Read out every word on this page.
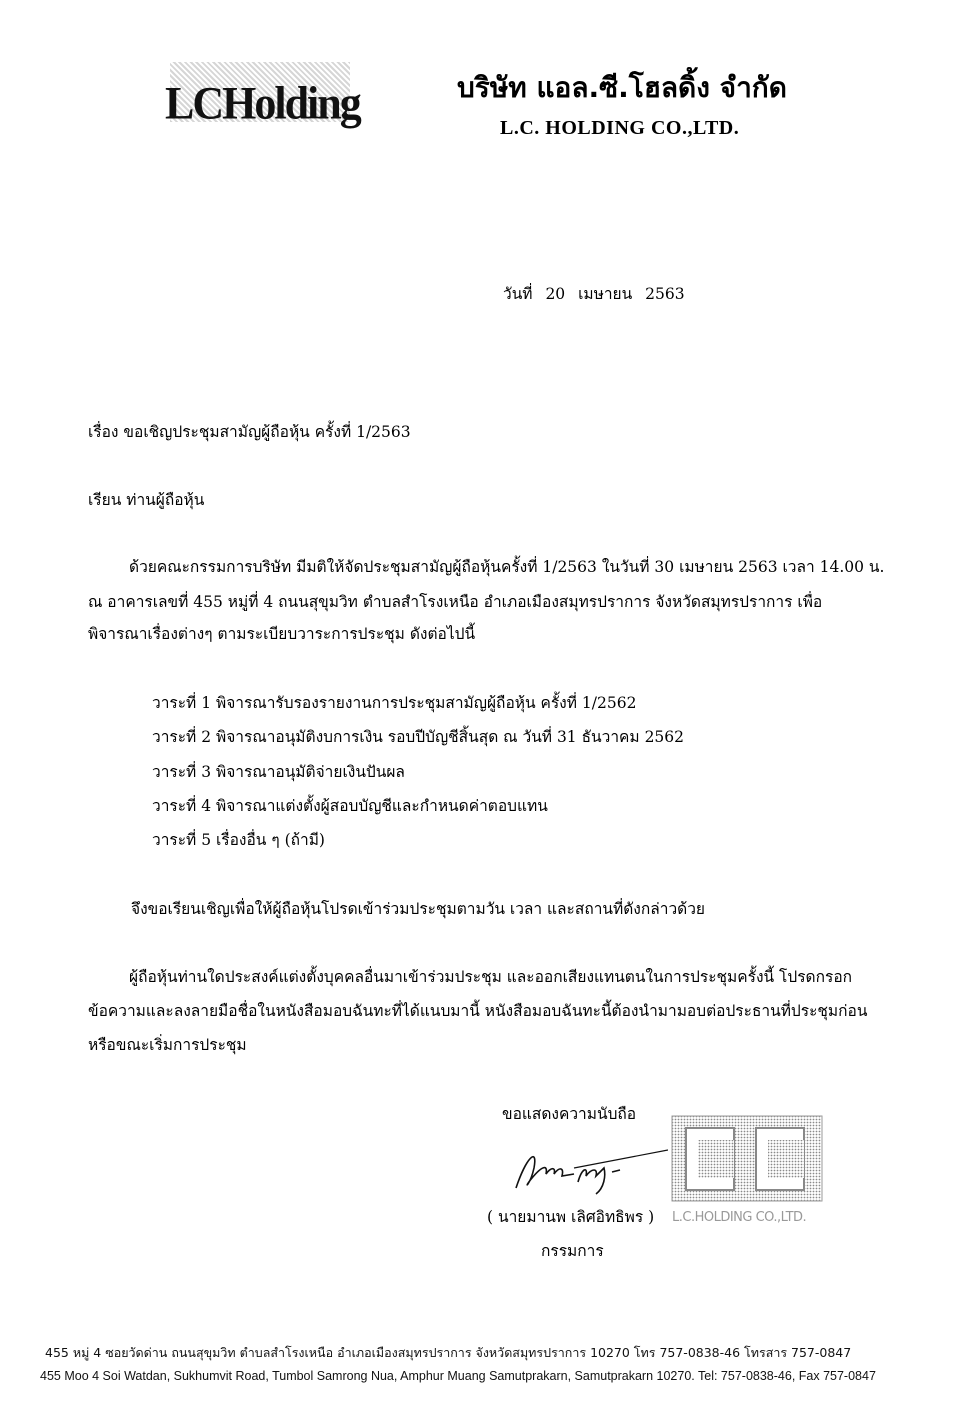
LCHolding	บริษัท แอล.ซี.โฮลดิ้ง จำกัด
L.C. HOLDING CO.,LTD.
วันที่ 20 เมษายน 2563
เรื่อง ขอเชิญประชุมสามัญผู้ถือหุ้น ครั้งที่ 1/2563
เรียน ท่านผู้ถือหุ้น
ด้วยคณะกรรมการบริษัท มีมติให้จัดประชุมสามัญผู้ถือหุ้นครั้งที่ 1/2563 ในวันที่ 30 เมษายน 2563 เวลา 14.00 น.
ณ อาคารเลขที่ 455 หมู่ที่ 4 ถนนสุขุมวิท ตำบลสำโรงเหนือ อำเภอเมืองสมุทรปราการ จังหวัดสมุทรปราการ เพื่อ
พิจารณาเรื่องต่างๆ ตามระเบียบวาระการประชุม ดังต่อไปนี้
วาระที่ 1 พิจารณารับรองรายงานการประชุมสามัญผู้ถือหุ้น ครั้งที่ 1/2562
วาระที่ 2 พิจารณาอนุมัติงบการเงิน รอบปีบัญชีสิ้นสุด ณ วันที่ 31 ธันวาคม 2562
วาระที่ 3 พิจารณาอนุมัติจ่ายเงินปันผล
วาระที่ 4 พิจารณาแต่งตั้งผู้สอบบัญชีและกำหนดค่าตอบแทน
วาระที่ 5 เรื่องอื่น ๆ (ถ้ามี)
จึงขอเรียนเชิญเพื่อให้ผู้ถือหุ้นโปรดเข้าร่วมประชุมตามวัน เวลา และสถานที่ดังกล่าวด้วย
ผู้ถือหุ้นท่านใดประสงค์แต่งตั้งบุคคลอื่นมาเข้าร่วมประชุม และออกเสียงแทนตนในการประชุมครั้งนี้ โปรดกรอก
ข้อความและลงลายมือชื่อในหนังสือมอบฉันทะที่ได้แนบมานี้ หนังสือมอบฉันทะนี้ต้องนำมามอบต่อประธานที่ประชุมก่อน
หรือขณะเริ่มการประชุม
ขอแสดงความนับถือ
L.C.HOLDING CO.,LTD.
( นายมานพ เลิศอิทธิพร )
กรรมการ
455 หมู่ 4 ซอยวัดด่าน ถนนสุขุมวิท ตำบลสำโรงเหนือ อำเภอเมืองสมุทรปราการ จังหวัดสมุทรปราการ 10270 โทร 757-0838-46 โทรสาร 757-0847
455 Moo 4 Soi Watdan, Sukhumvit Road, Tumbol Samrong Nua, Amphur Muang Samutprakarn, Samutprakarn 10270. Tel: 757-0838-46, Fax 757-0847
